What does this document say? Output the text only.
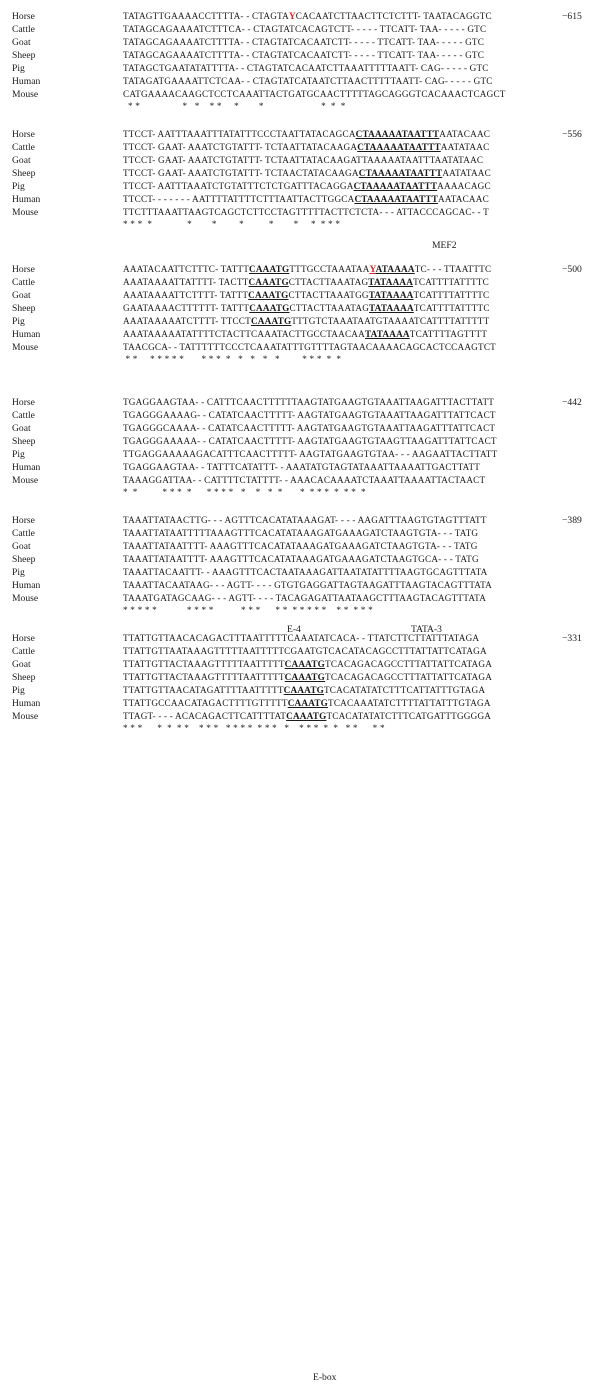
Horse	TATAGTTGAAAACCTTTTA- - CTAGTAYCACAATCTTAACTTCTCTTT- TAATACAGGTC	−615
Cattle	TATAGCAGAAAATCTTTCA- - CTAGTATCACAGTCTT- - - - - TTCATT- TAA- - - - - GTC
Goat	TATAGCAGAAAATCTTTTA- - CTAGTATCACAATCTT- - - - - TTCATT- TAA- - - - - GTC
Sheep	TATAGCAGAAAATCTTTTA- - CTAGTATCACAATCTT- - - - - TTCATT- TAA- - - - - GTC
Pig	TATAGCTGAATATATTTTA- - CTAGTATCACAATCTTAAATTTTTAATT- CAG- - - - - GTC
Human	TATAGATGAAAATTCTCAA- - CTAGTATCATAATCTTAACTTTTTAATT- CAG- - - - - GTC
Mouse	CATGAAAACAAGCTCCTCAAATTACTGATGCAACTTTTTAGCAGGGTCACAAACTCAGCT
* *                 *   *    * *     *        *                       *  *  *
Horse	TTCCT- AATTTAAATTTATATTTCCCTAATTATACAGCACTAAAAATAATTTAATACAAC	−556
Cattle	TTCCT- GAAT- AAATCTGTATTT- TCTAATTATACAAGACTAAAAATAATTTAATATAAC
Goat	TTCCT- GAAT- AAATCTGTATTT- TCTAATTATACAAGATTAAAAATAATTTAATATAAC
Sheep	TTCCT- GAAT- AAATCTGTATTT- TCTAACTATACAAGACTAAAAATAATTTAATATAAC
Pig	TTCCT- AATTTAAATCTGTATTTCTCTGATTTACAGGACTAAAAATAATTTAAAACAGC
Human	TTCCT- - - - - - - AATTTTATTTTCTTTAATTACTTGGCACTAAAAATAATTTAATACAAC
Mouse	TTCTTTAAATTAAGTCAGCTCTTCCTAGTTTTTACTTCTCTA- - - ATTACCCAGCAC- - T
* * *  *              *        *         *          *        *     *  * * *
MEF2
Horse	AAATACAATTCTTTC- TATTTCAAATGTTTGCCTAAATAAYATAAAATC- - - TTAATTTC	−500
Cattle	AAATAAAATTATTTT- TACTTCAAATGCTTACTTAAATAGTATAAAATCATTTTATTTTC
Goat	AAATAAAATTCTTTT- TATTTCAAATGCTTACTTAAATGGTATAAAATCATTTTATTTTC
Sheep	GAATAAAACTTTTTT- TATTTCAAATGCTTACTTAAATAGTATAAAATCATTTTATTTTC
Pig	AAATAAAAATCTTTT- TTCCTCAAATGTTTGTCTAAATAATGTAAAATCATTTTATTTTT
Human	AAATAAAAATATTTTCTACTTCAAATACTTGCCTAACAATATAAAATCATTTTAGTTTT
Mouse	TAACGCA- - TATTTTTTCCCTCAAATATTTGTTTTAGTAACAAAACAGCACTCCAAGTCT
* *     * * * * *       * * *  *   *   *   *   *         * * *  *  *
E-4	TATA-3
Horse	TGAGGAAGTAA- - CATTTCAACTTTTTTAAGTATGAAGTGTAAATTAAGATTTACTTATT	−442
Cattle	TGAGGGAAAAG- - CATATCAACTTTTT- AAGTATGAAGTGTAAATTAAGATTTATTCACT
Goat	TGAGGGCAAAA- - CATATCAACTTTTT- AAGTATGAAGTGTAAATTAAGATTTATTCACT
Sheep	TGAGGGAAAAA- - CATATCAACTTTTT- AAGTATGAAGTGTAAGTTAAGATTTATTCACT
Pig	TTGAGGAAAAAGACATTTCAACTTTTT- AAGTATGAAGTGTAA- - - AAGAATTACTTATT
Human	TGAGGAAGTAA- - TATTTCATATTT- - AAATATGTAGTATAAATTAAAATTGACTTATT
Mouse	TAAAGGATTAA- - CATTTTCTATTTT- - AAACACAAAATCTAAATTAAAATTACTAACT
*  *          * * *  *      * * * *   *    *   *  *       *  * * *  *  * *  *
Horse	TAAATTATAACTTG- - - AGTTTCACATATAAAGAT- - - - AAGATTTAAGTGTAGTTTATT	−389
Cattle	TAAATTATAATTTTTAAAGTTTCACATATAAAGATGAAAGATCTAAGTGTA- - - TATG
Goat	TAAATTATAATTTT- AAAGTTTCACATATAAAGATGAAAGATCTAAGTGTA- - - TATG
Sheep	TAAATTATAATTTT- AAAGTTTCACATATAAAGATGAAAGATCTAAGTGCA- - - TATG
Pig	TAAATTACAATTT- - AAAGTTTCACTAATAAAGATTAATATATTTTAAGTGCAGTTTATA
Human	TAAATTACAATAAG- - - AGTT- - - - GTGTGAGGATTAGTAAGATTTAAGTACAGTTTATA
Mouse	TAAATGATAGCAAG- - - AGTT- - - - TACAGAGATTAATAAGCTTTAAGTACAGTTTATA
* * * * *            * * * *           * * *      * *  * * * * *    * *  * * *
Horse	TTATTGTTAACACAGACTTTAATTTTTCAAATATCACA- - TTATCTTCTTATTTATAGA	−331
Cattle	TTATTGTTAATAAAGTTTTTAATTTTTCGAATGTCACATACAGCCTTTATTATTCATAGA
Goat	TTATTGTTACTAAAGTTTTTAATTTTTCAAATGTCACAGACAGCCTTTATTATTCATAGA
Sheep	TTATTGTTACTAAAGTTTTTAATTTTTCAAATGTCACAGACAGCCTTTATTATTCATAGA
Pig	TTATTGTTAACATAGATTTTAATTTTTCAAATGTCACATATATCTTTCATTATTTGTAGA
Human	TTATTGCCAACATAGACTTTTGTTTTTCAAATGTCACAAATATCTTTTATTATTTGTAGA
Mouse	TTAGT- - - - ACACAGACTTCATTTTATCAAATGTCACATATATCTTTCATGATTTGGGGA
* * *      *  *  * *    * * *   * * * *  * * *   *    * * *  *  *   * *      * *
E-box
